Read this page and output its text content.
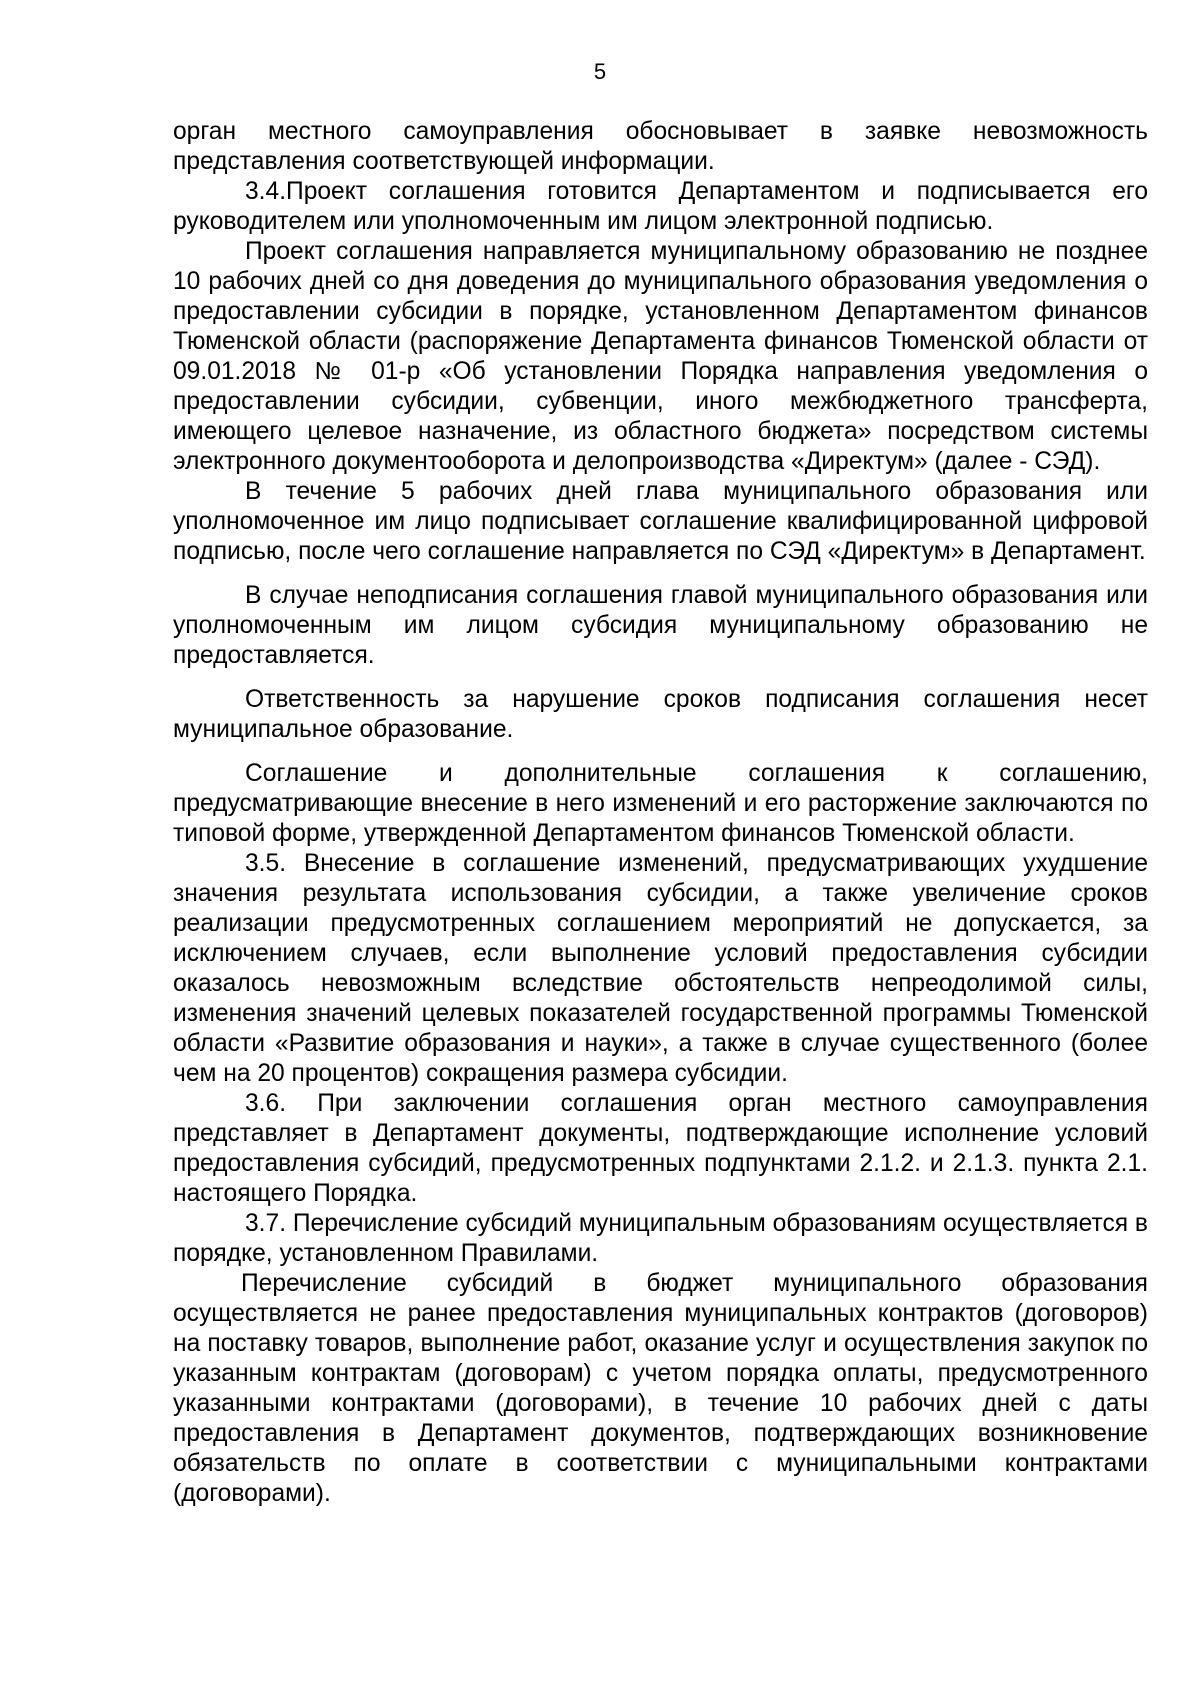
5

орган местного самоуправления обосновывает в заявке невозможность представления соответствующей информации.

3.4.Проект соглашения готовится Департаментом и подписывается его руководителем или уполномоченным им лицом электронной подписью.

Проект соглашения направляется муниципальному образованию не позднее 10 рабочих дней со дня доведения до муниципального образования уведомления о предоставлении субсидии в порядке, установленном Департаментом финансов Тюменской области (распоряжение Департамента финансов Тюменской области от 09.01.2018 № 01-р «Об установлении Порядка направления уведомления о предоставлении субсидии, субвенции, иного межбюджетного трансферта, имеющего целевое назначение, из областного бюджета» посредством системы электронного документооборота и делопроизводства «Директум» (далее - СЭД).

В течение 5 рабочих дней глава муниципального образования или уполномоченное им лицо подписывает соглашение квалифицированной цифровой подписью, после чего соглашение направляется по СЭД «Директум» в Департамент.

В случае неподписания соглашения главой муниципального образования или уполномоченным им лицом субсидия муниципальному образованию не предоставляется.

Ответственность за нарушение сроков подписания соглашения несет муниципальное образование.

Соглашение и дополнительные соглашения к соглашению, предусматривающие внесение в него изменений и его расторжение заключаются по типовой форме, утвержденной Департаментом финансов Тюменской области.

3.5. Внесение в соглашение изменений, предусматривающих ухудшение значения результата использования субсидии, а также увеличение сроков реализации предусмотренных соглашением мероприятий не допускается, за исключением случаев, если выполнение условий предоставления субсидии оказалось невозможным вследствие обстоятельств непреодолимой силы, изменения значений целевых показателей государственной программы Тюменской области «Развитие образования и науки», а также в случае существенного (более чем на 20 процентов) сокращения размера субсидии.

3.6. При заключении соглашения орган местного самоуправления представляет в Департамент документы, подтверждающие исполнение условий предоставления субсидий, предусмотренных подпунктами 2.1.2. и 2.1.3. пункта 2.1. настоящего Порядка.

3.7. Перечисление субсидий муниципальным образованиям осуществляется в порядке, установленном Правилами.

Перечисление субсидий в бюджет муниципального образования осуществляется не ранее предоставления муниципальных контрактов (договоров) на поставку товаров, выполнение работ, оказание услуг и осуществления закупок по указанным контрактам (договорам) с учетом порядка оплаты, предусмотренного указанными контрактами (договорами), в течение 10 рабочих дней с даты предоставления в Департамент документов, подтверждающих возникновение обязательств по оплате в соответствии с муниципальными контрактами (договорами).
